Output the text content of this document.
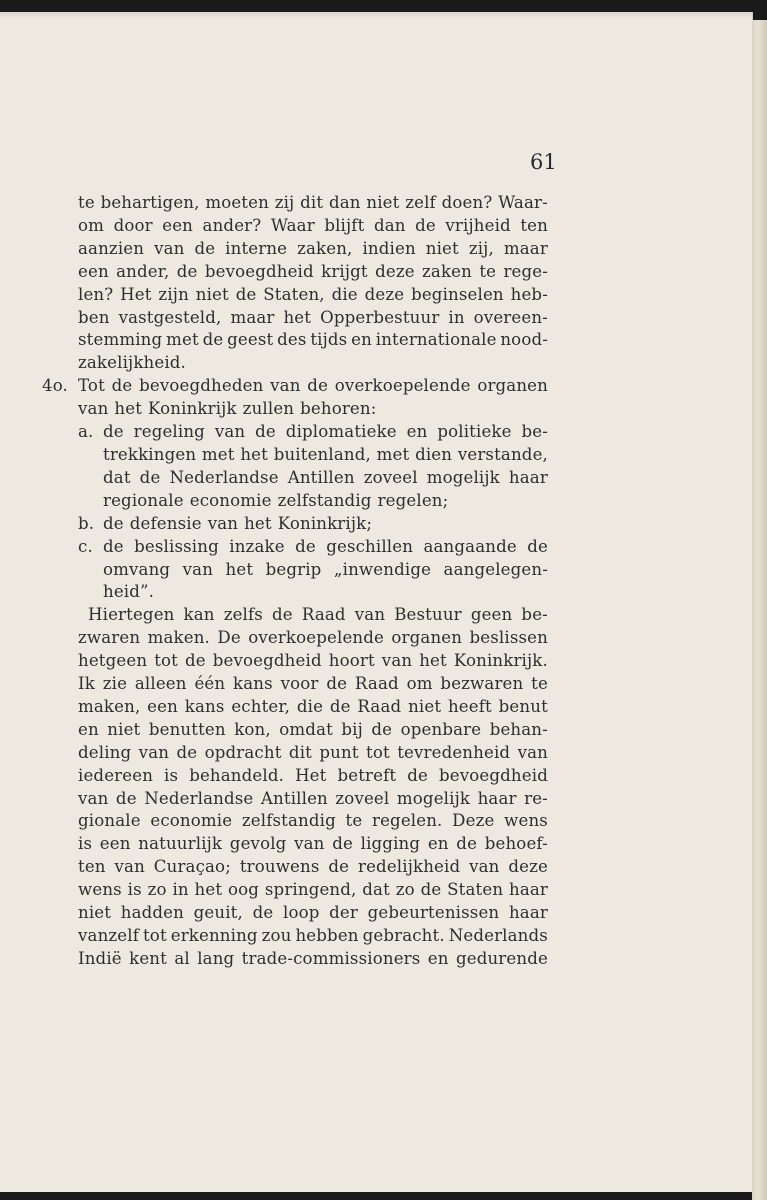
61
te behartigen, moeten zij dit dan niet zelf doen? Waar-
om door een ander? Waar blijft dan de vrijheid ten
aanzien van de interne zaken, indien niet zij, maar
een ander, de bevoegdheid krijgt deze zaken te rege-
len? Het zijn niet de Staten, die deze beginselen heb-
ben vastgesteld, maar het Opperbestuur in overeen-
stemming met de geest des tijds en internationale nood-
zakelijkheid.
4o. Tot de bevoegdheden van de overkoepelende organen
van het Koninkrijk zullen behoren:
a. de regeling van de diplomatieke en politieke be-
trekkingen met het buitenland, met dien verstande,
dat de Nederlandse Antillen zoveel mogelijk haar
regionale economie zelfstandig regelen;
b. de defensie van het Koninkrijk;
c. de beslissing inzake de geschillen aangaande de
omvang van het begrip „inwendige aangelegen-
heid”.
Hiertegen kan zelfs de Raad van Bestuur geen be-
zwaren maken. De overkoepelende organen beslissen
hetgeen tot de bevoegdheid hoort van het Koninkrijk.
Ik zie alleen één kans voor de Raad om bezwaren te
maken, een kans echter, die de Raad niet heeft benut
en niet benutten kon, omdat bij de openbare behan-
deling van de opdracht dit punt tot tevredenheid van
iedereen is behandeld. Het betreft de bevoegdheid
van de Nederlandse Antillen zoveel mogelijk haar re-
gionale economie zelfstandig te regelen. Deze wens
is een natuurlijk gevolg van de ligging en de behoef-
ten van Curaçao; trouwens de redelijkheid van deze
wens is zo in het oog springend, dat zo de Staten haar
niet hadden geuit, de loop der gebeurtenissen haar
vanzelf tot erkenning zou hebben gebracht. Nederlands
Indië kent al lang trade-commissioners en gedurende
